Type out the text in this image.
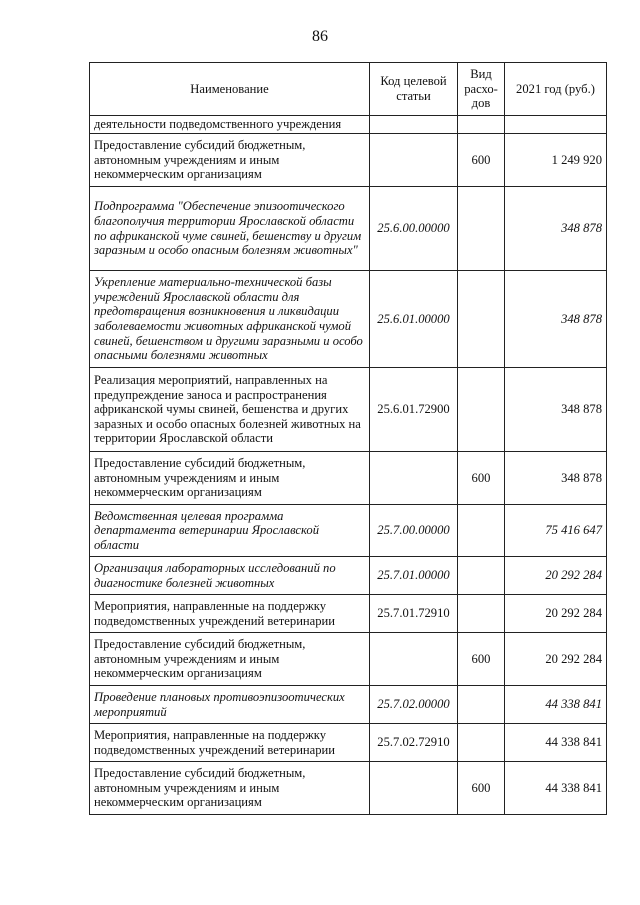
86
Наименование	Код целевой статьи	Вид расхо-дов	2021 год (руб.)
деятельности подведомственного учреждения			
Предоставление субсидий бюджетным, автономным учреждениям и иным некоммерческим организациям		600	1 249 920
Подпрограмма "Обеспечение эпизоотического благополучия территории Ярославской области по африканской чуме свиней, бешенству и другим заразным и особо опасным болезням животных"	25.6.00.00000		348 878
Укрепление материально-технической базы учреждений Ярославской области для предотвращения возникновения и ликвидации заболеваемости животных африканской чумой свиней, бешенством и другими заразными и особо опасными болезнями животных	25.6.01.00000		348 878
Реализация мероприятий, направленных на предупреждение заноса и распространения африканской чумы свиней, бешенства и других заразных и особо опасных болезней животных на территории Ярославской области	25.6.01.72900		348 878
Предоставление субсидий бюджетным, автономным учреждениям и иным некоммерческим организациям		600	348 878
Ведомственная целевая программа департамента ветеринарии Ярославской области	25.7.00.00000		75 416 647
Организация лабораторных исследований по диагностике болезней животных	25.7.01.00000		20 292 284
Мероприятия, направленные на поддержку подведомственных учреждений ветеринарии	25.7.01.72910		20 292 284
Предоставление субсидий бюджетным, автономным учреждениям и иным некоммерческим организациям		600	20 292 284
Проведение плановых противоэпизоотических мероприятий	25.7.02.00000		44 338 841
Мероприятия, направленные на поддержку подведомственных учреждений ветеринарии	25.7.02.72910		44 338 841
Предоставление субсидий бюджетным, автономным учреждениям и иным некоммерческим организациям		600	44 338 841
